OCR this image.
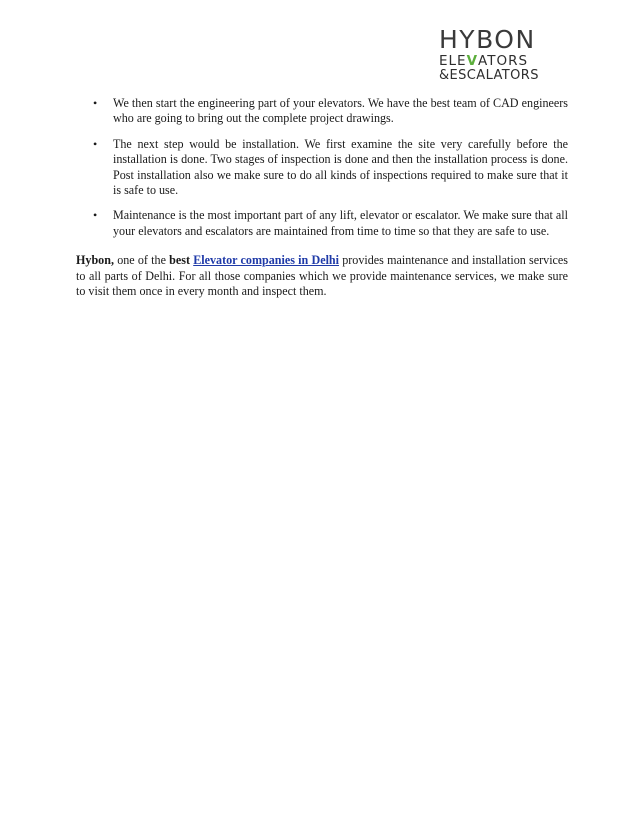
HYBON
ELEVATORS
&ESCALATORS
• We then start the engineering part of your elevators. We have the best team of CAD engineers who are going to bring out the complete project drawings.
• The next step would be installation. We first examine the site very carefully before the installation is done. Two stages of inspection is done and then the installation process is done. Post installation also we make sure to do all kinds of inspections required to make sure that it is safe to use.
• Maintenance is the most important part of any lift, elevator or escalator. We make sure that all your elevators and escalators are maintained from time to time so that they are safe to use.

Hybon, one of the best Elevator companies in Delhi provides maintenance and installation services to all parts of Delhi. For all those companies which we provide maintenance services, we make sure to visit them once in every month and inspect them.
